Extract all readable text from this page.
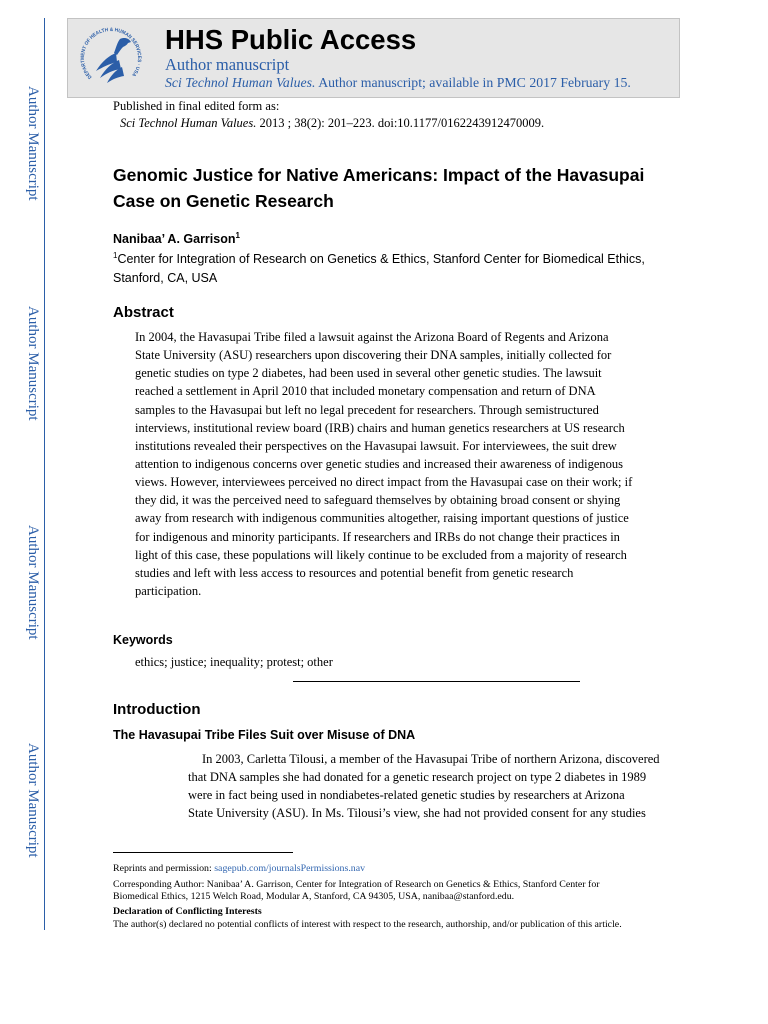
DEPARTMENT OF HEALTH & HUMAN SERVICES · USA
HHS Public Access
Author manuscript
Sci Technol Human Values. Author manuscript; available in PMC 2017 February 15.
Author Manuscript
Author Manuscript
Author Manuscript
Author Manuscript
Published in final edited form as:
Sci Technol Human Values. 2013 ; 38(2): 201–223. doi:10.1177/0162243912470009.
Genomic Justice for Native Americans: Impact of the Havasupai Case on Genetic Research
Nanibaa’ A. Garrison$^1$
$^1$Center for Integration of Research on Genetics & Ethics, Stanford Center for Biomedical Ethics, Stanford, CA, USA
Abstract
In 2004, the Havasupai Tribe filed a lawsuit against the Arizona Board of Regents and Arizona
State University (ASU) researchers upon discovering their DNA samples, initially collected for
genetic studies on type 2 diabetes, had been used in several other genetic studies. The lawsuit
reached a settlement in April 2010 that included monetary compensation and return of DNA
samples to the Havasupai but left no legal precedent for researchers. Through semistructured
interviews, institutional review board (IRB) chairs and human genetics researchers at US research
institutions revealed their perspectives on the Havasupai lawsuit. For interviewees, the suit drew
attention to indigenous concerns over genetic studies and increased their awareness of indigenous
views. However, interviewees perceived no direct impact from the Havasupai case on their work; if
they did, it was the perceived need to safeguard themselves by obtaining broad consent or shying
away from research with indigenous communities altogether, raising important questions of justice
for indigenous and minority participants. If researchers and IRBs do not change their practices in
light of this case, these populations will likely continue to be excluded from a majority of research
studies and left with less access to resources and potential benefit from genetic research
participation.
Keywords
ethics; justice; inequality; protest; other
Introduction
The Havasupai Tribe Files Suit over Misuse of DNA
In 2003, Carletta Tilousi, a member of the Havasupai Tribe of northern Arizona, discovered
that DNA samples she had donated for a genetic research project on type 2 diabetes in 1989
were in fact being used in nondiabetes-related genetic studies by researchers at Arizona
State University (ASU). In Ms. Tilousi’s view, she had not provided consent for any studies
Reprints and permission: sagepub.com/journalsPermissions.nav
Corresponding Author: Nanibaa’ A. Garrison, Center for Integration of Research on Genetics & Ethics, Stanford Center for
Biomedical Ethics, 1215 Welch Road, Modular A, Stanford, CA 94305, USA, nanibaa@stanford.edu.
Declaration of Conflicting Interests
The author(s) declared no potential conflicts of interest with respect to the research, authorship, and/or publication of this article.
